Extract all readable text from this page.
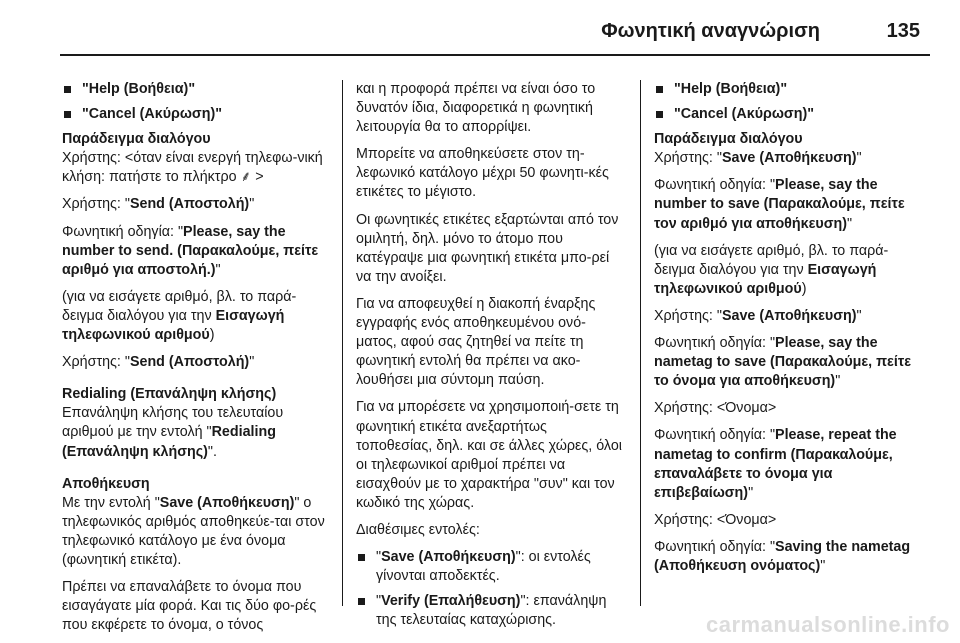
Φωνητική αναγνώριση	135
"Help (Βοήθεια)"
"Cancel (Ακύρωση)"
Παράδειγμα διαλόγου

Χρήστης: <όταν είναι ενεργή τηλεφω‐νική κλήση: πατήστε το πλήκτρο ⸙ >

Χρήστης: "Send (Αποστολή)"

Φωνητική οδηγία: "Please, say the number to send. (Παρακαλούμε, πείτε αριθμό για αποστολή.)"

(για να εισάγετε αριθμό, βλ. το παρά‐δειγμα διαλόγου για την Εισαγωγή τηλεφωνικού αριθμού)

Χρήστης: "Send (Αποστολή)"

Redialing (Επανάληψη κλήσης)

Επανάληψη κλήσης του τελευταίου αριθμού με την εντολή "Redialing (Επανάληψη κλήσης)".

Αποθήκευση

Με την εντολή "Save (Αποθήκευση)" ο τηλεφωνικός αριθμός αποθηκεύε‐ται στον τηλεφωνικό κατάλογο με ένα όνομα (φωνητική ετικέτα).

Πρέπει να επαναλάβετε το όνομα που εισαγάγατε μία φορά. Και τις δύο φο‐ρές που εκφέρετε το όνομα, ο τόνος

και η προφορά πρέπει να είναι όσο το δυνατόν ίδια, διαφορετικά η φωνητική λειτουργία θα το απορρίψει.

Μπορείτε να αποθηκεύσετε στον τη‐λεφωνικό κατάλογο μέχρι 50 φωνητι‐κές ετικέτες το μέγιστο.

Οι φωνητικές ετικέτες εξαρτώνται από τον ομιλητή, δηλ. μόνο το άτομο που κατέγραψε μια φωνητική ετικέτα μπο‐ρεί να την ανοίξει.

Για να αποφευχθεί η διακοπή έναρξης εγγραφής ενός αποθηκευμένου ονό‐ματος, αφού σας ζητηθεί να πείτε τη φωνητική εντολή θα πρέπει να ακο‐λουθήσει μια σύντομη παύση.

Για να μπορέσετε να χρησιμοποιή‐σετε τη φωνητική ετικέτα ανεξαρτήτως τοποθεσίας, δηλ. και σε άλλες χώρες, όλοι οι τηλεφωνικοί αριθμοί πρέπει να εισαχθούν με το χαρακτήρα "συν" και τον κωδικό της χώρας.

Διαθέσιμες εντολές:

"Save (Αποθήκευση)": οι εντολές γίνονται αποδεκτές.
"Verify (Επαλήθευση)": επανάληψη της τελευταίας καταχώρισης.
"Help (Βοήθεια)"
"Cancel (Ακύρωση)"
Παράδειγμα διαλόγου

Χρήστης: "Save (Αποθήκευση)"

Φωνητική οδηγία: "Please, say the number to save (Παρακαλούμε, πείτε τον αριθμό για αποθήκευση)"

(για να εισάγετε αριθμό, βλ. το παρά‐δειγμα διαλόγου για την Εισαγωγή τηλεφωνικού αριθμού)

Χρήστης: "Save (Αποθήκευση)"

Φωνητική οδηγία: "Please, say the nametag to save (Παρακαλούμε, πείτε το όνομα για αποθήκευση)"

Χρήστης: <Όνομα>

Φωνητική οδηγία: "Please, repeat the nametag to confirm (Παρακαλούμε, επαναλάβετε το όνομα για επιβεβαίωση)"

Χρήστης: <Όνομα>

Φωνητική οδηγία: "Saving the nametag (Αποθήκευση ονόματος)"

carmanualsonline.info
